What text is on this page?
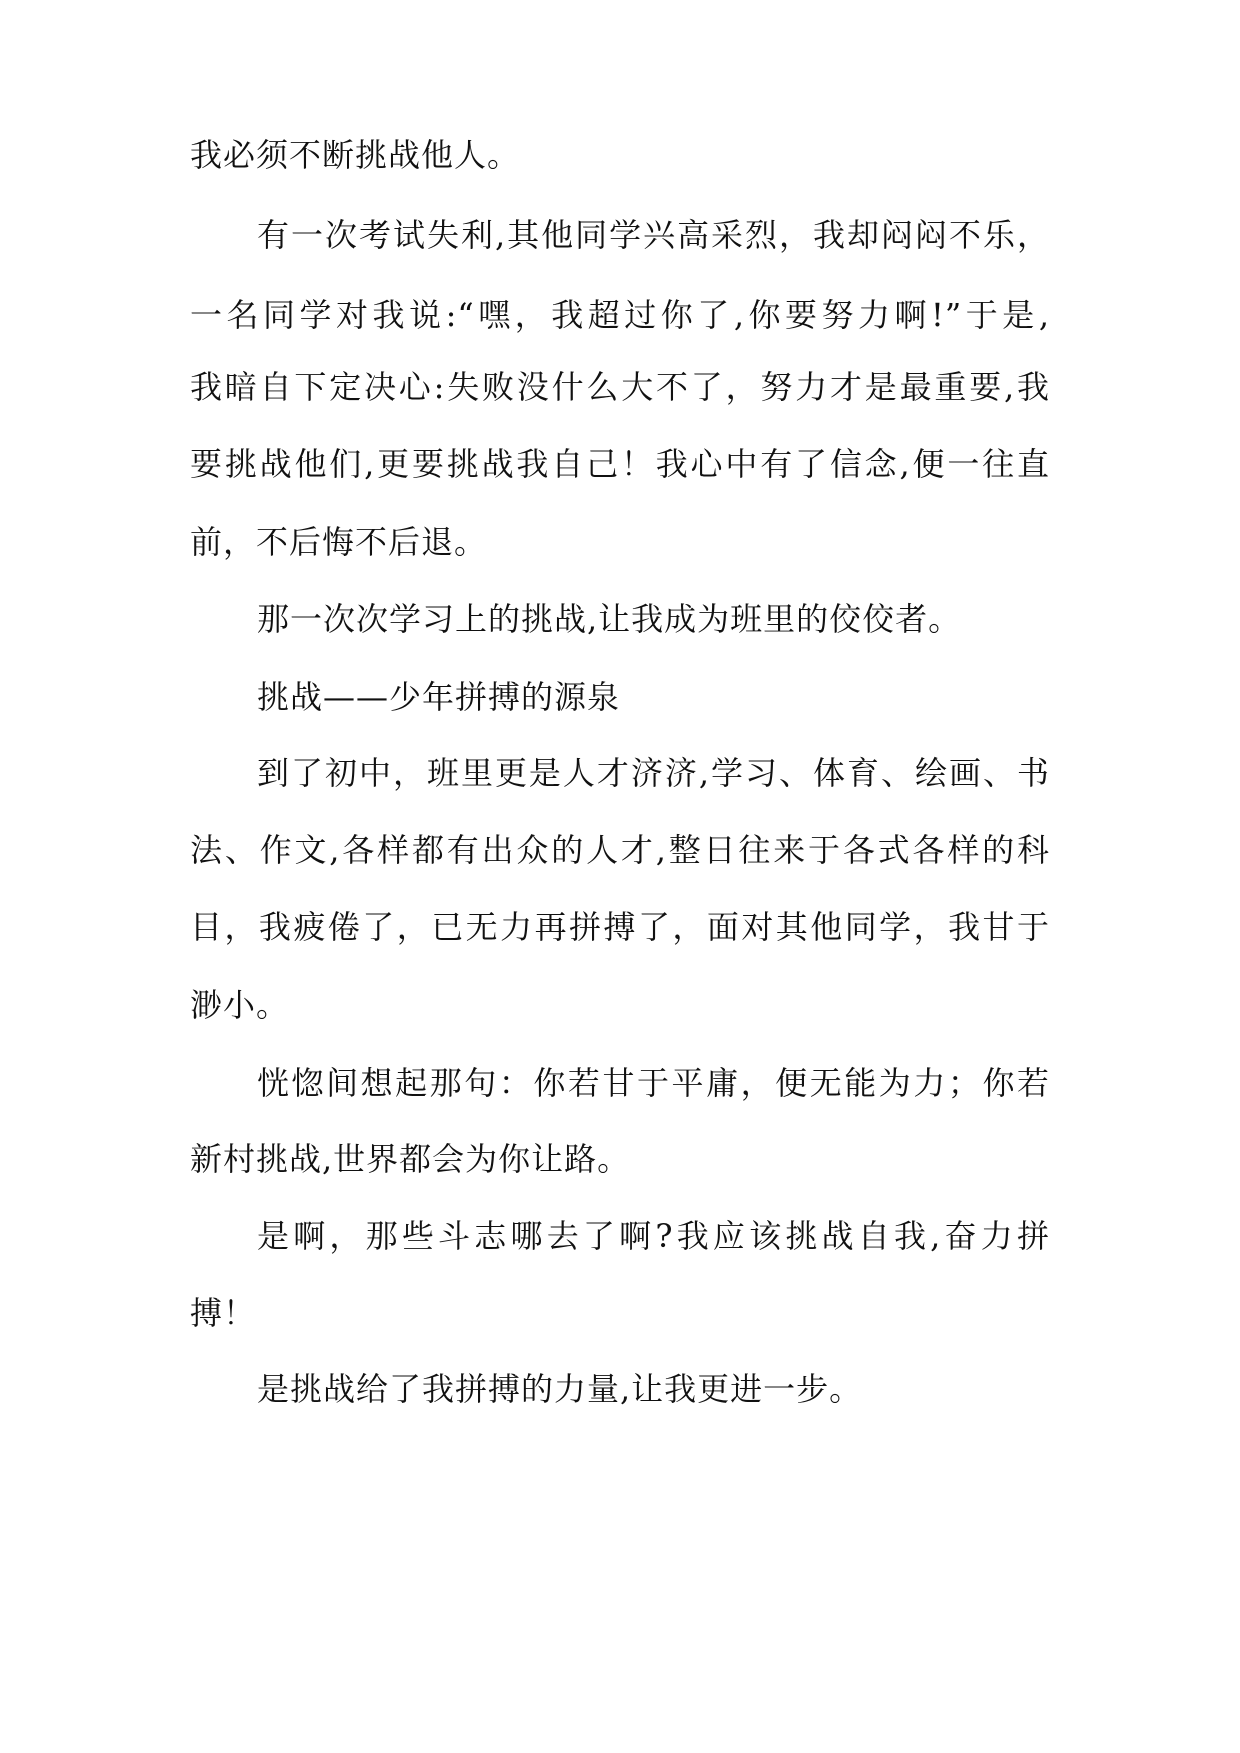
我必须不断挑战他人。
有一次考试失利,其他同学兴高采烈，我却闷闷不乐，
一名同学对我说:“嘿，我超过你了,你要努力啊!”于是,
我暗自下定决心:失败没什么大不了，努力才是最重要,我
要挑战他们,更要挑战我自己！我心中有了信念,便一往直
前，不后悔不后退。
那一次次学习上的挑战,让我成为班里的佼佼者。
挑战——少年拼搏的源泉
到了初中，班里更是人才济济,学习、体育、绘画、书
法、作文,各样都有出众的人才,整日往来于各式各样的科
目，我疲倦了，已无力再拼搏了，面对其他同学，我甘于
渺小。
恍惚间想起那句：你若甘于平庸，便无能为力；你若
新村挑战,世界都会为你让路。
是啊，那些斗志哪去了啊?我应该挑战自我,奋力拼
搏！
是挑战给了我拼搏的力量,让我更进一步。
